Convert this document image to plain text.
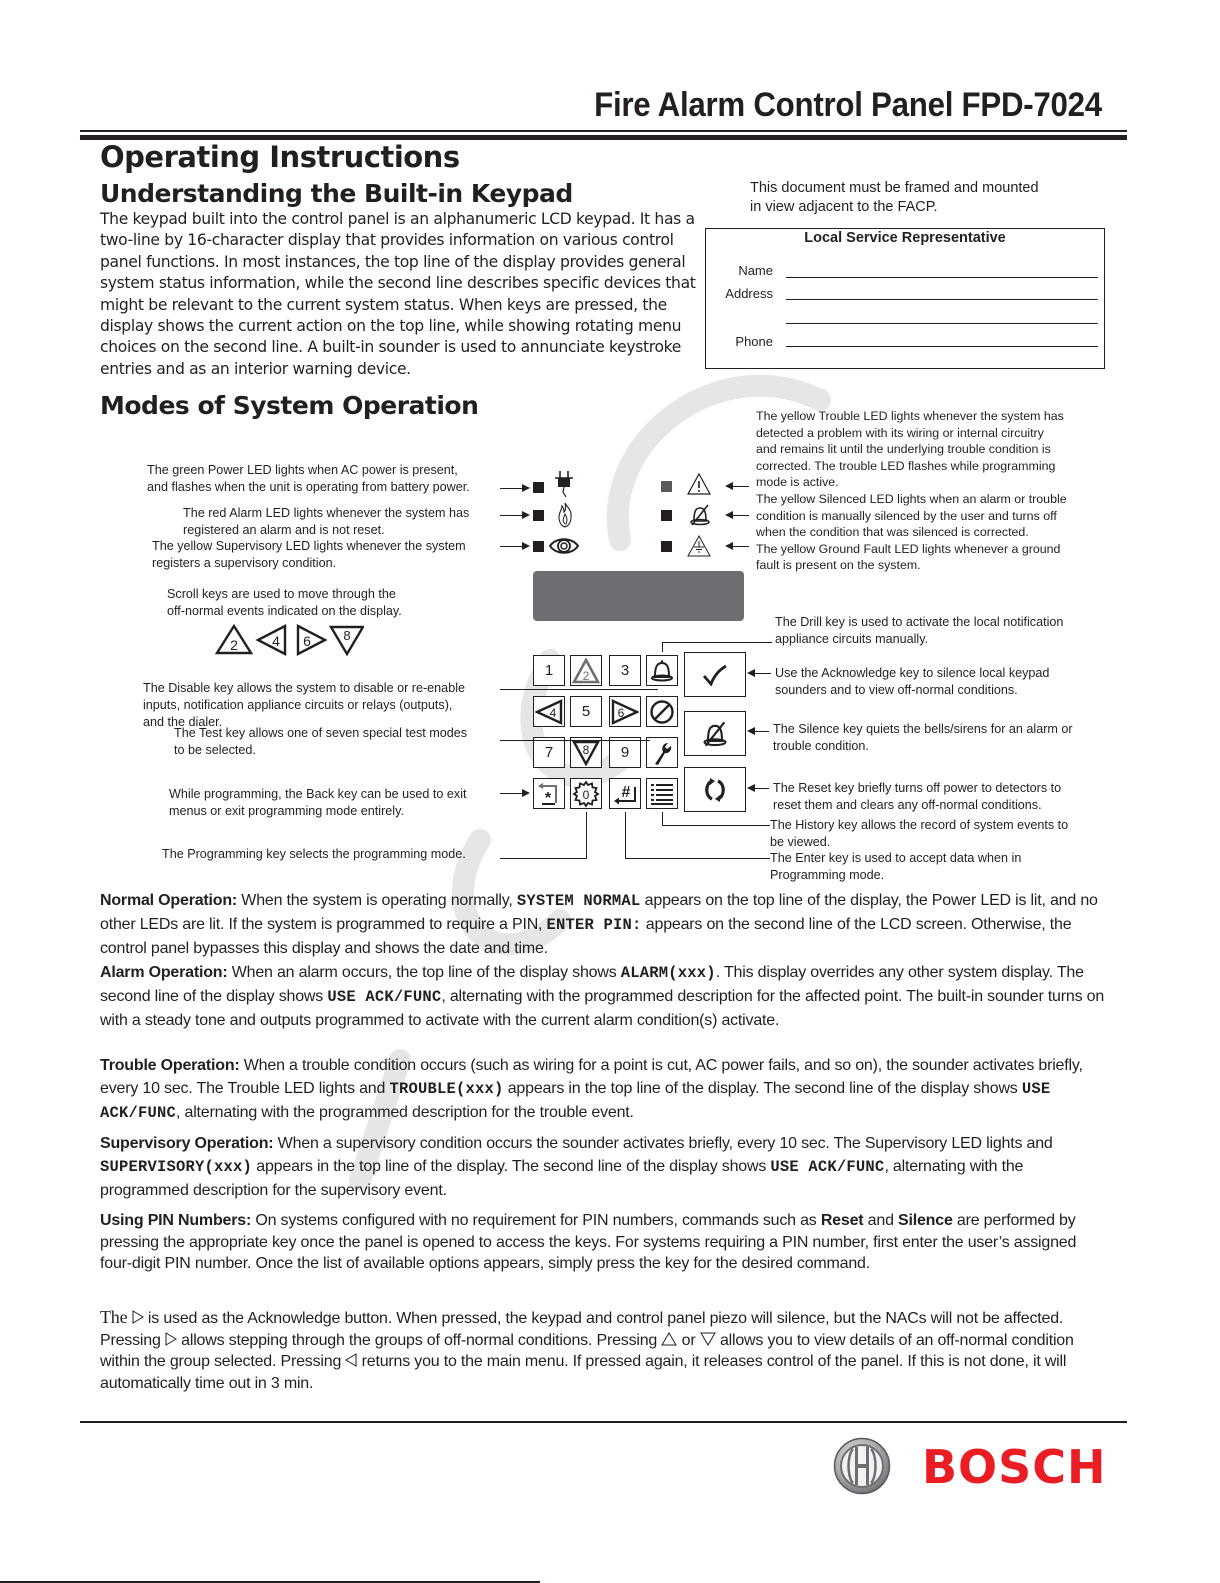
Fire Alarm Control Panel FPD-7024
Operating Instructions
Understanding the Built-in Keypad
The keypad built into the control panel is an alphanumeric LCD keypad. It has a two-line by 16-character display that provides information on various control panel functions. In most instances, the top line of the display provides general system status information, while the second line describes specific devices that might be relevant to the current system status. When keys are pressed, the display shows the current action on the top line, while showing rotating menu choices on the second line. A built-in sounder is used to annunciate keystroke entries and as an interior warning device.
This document must be framed and mounted
in view adjacent to the FACP.
Local Service Representative
Name
Address
Phone
Modes of System Operation
The green Power LED lights when AC power is present,
and flashes when the unit is operating from battery power.
The red Alarm LED lights whenever the system has
registered an alarm and is not reset.
The yellow Supervisory LED lights whenever the system
registers a supervisory condition.
The yellow Trouble LED lights whenever the system has
detected a problem with its wiring or internal circuitry
and remains lit until the underlying trouble condition is
corrected. The trouble LED flashes while programming
mode is active.
The yellow Silenced LED lights when an alarm or trouble
condition is manually silenced by the user and turns off
when the condition that was silenced is corrected.
The yellow Ground Fault LED lights whenever a ground
fault is present on the system.
Scroll keys are used to move through the
off-normal events indicated on the display.
2 4 6 8
1 2 3
4 5 6
7 8 9
*	0 #
The Disable key allows the system to disable or re-enable
inputs, notification appliance circuits or relays (outputs),
and the dialer.
The Test key allows one of seven special test modes
to be selected.
While programming, the Back key can be used to exit
menus or exit programming mode entirely.
The Programming key selects the programming mode.
The Drill key is used to activate the local notification
appliance circuits manually.
Use the Acknowledge key to silence local keypad
sounders and to view off-normal conditions.
The Silence key quiets the bells/sirens for an alarm or
trouble condition.
The Reset key briefly turns off power to detectors to
reset them and clears any off-normal conditions.
The History key allows the record of system events to
be viewed.
The Enter key is used to accept data when in
Programming mode.

Normal Operation: When the system is operating normally, SYSTEM NORMAL appears on the top line of the display, the Power LED is lit, and no other LEDs are lit. If the system is programmed to require a PIN, ENTER PIN: appears on the second line of the LCD screen. Otherwise, the control panel bypasses this display and shows the date and time.

Alarm Operation: When an alarm occurs, the top line of the display shows ALARM(xxx). This display overrides any other system display. The second line of the display shows USE ACK/FUNC, alternating with the programmed description for the affected point. The built-in sounder turns on with a steady tone and outputs programmed to activate with the current alarm condition(s) activate.

Trouble Operation: When a trouble condition occurs (such as wiring for a point is cut, AC power fails, and so on), the sounder activates briefly, every 10 sec. The Trouble LED lights and TROUBLE(xxx) appears in the top line of the display. The second line of the display shows USE ACK/FUNC, alternating with the programmed description for the trouble event.

Supervisory Operation: When a supervisory condition occurs the sounder activates briefly, every 10 sec. The Supervisory LED lights and SUPERVISORY(xxx) appears in the top line of the display. The second line of the display shows USE ACK/FUNC, alternating with the programmed description for the supervisory event.

Using PIN Numbers: On systems configured with no requirement for PIN numbers, commands such as Reset and Silence are performed by pressing the appropriate key once the panel is opened to access the keys. For systems requiring a PIN number, first enter the user’s assigned four-digit PIN number. Once the list of available options appears, simply press the key for the desired command.

The  is used as the Acknowledge button. When pressed, the keypad and control panel piezo will silence, but the NACs will not be affected. Pressing  allows stepping through the groups of off-normal conditions. Pressing  or  allows you to view details of an off-normal condition within the group selected. Pressing  returns you to the main menu. If pressed again, it releases control of the panel. If this is not done, it will automatically time out in 3 min.

BOSCH
